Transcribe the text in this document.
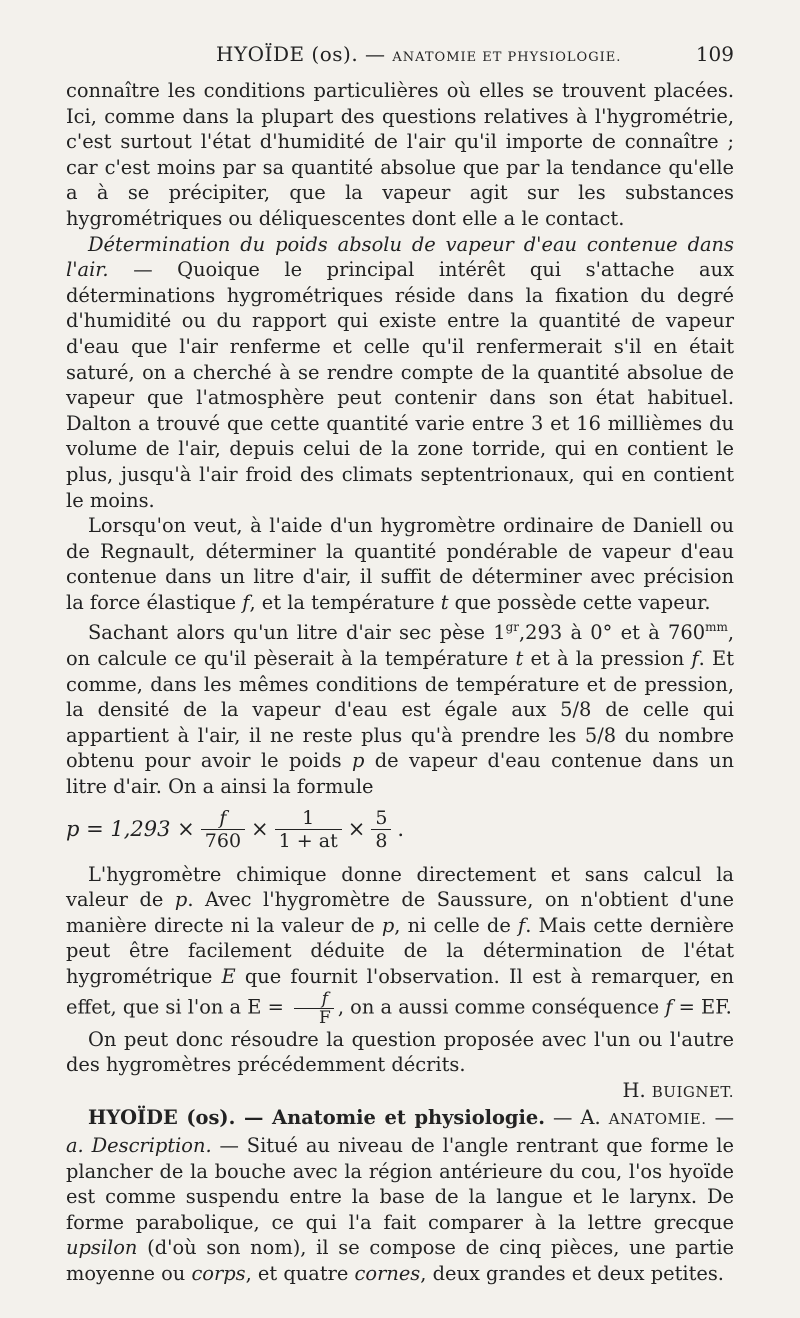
HYOÏDE (os). — ANATOMIE ET PHYSIOLOGIE.	109

connaître les conditions particulières où elles se trouvent placées. Ici, comme dans la plupart des questions relatives à l'hygrométrie, c'est surtout l'état d'humidité de l'air qu'il importe de connaître ; car c'est moins par sa quantité absolue que par la tendance qu'elle a à se précipiter, que la vapeur agit sur les substances hygrométriques ou déliquescentes dont elle a le contact.

Détermination du poids absolu de vapeur d'eau contenue dans l'air. — Quoique le principal intérêt qui s'attache aux déterminations hygrométriques réside dans la fixation du degré d'humidité ou du rapport qui existe entre la quantité de vapeur d'eau que l'air renferme et celle qu'il renfermerait s'il en était saturé, on a cherché à se rendre compte de la quantité absolue de vapeur que l'atmosphère peut contenir dans son état habituel. Dalton a trouvé que cette quantité varie entre 3 et 16 millièmes du volume de l'air, depuis celui de la zone torride, qui en contient le plus, jusqu'à l'air froid des climats septentrionaux, qui en contient le moins.

Lorsqu'on veut, à l'aide d'un hygromètre ordinaire de Daniell ou de Regnault, déterminer la quantité pondérable de vapeur d'eau contenue dans un litre d'air, il suffit de déterminer avec précision la force élastique f, et la température t que possède cette vapeur.

Sachant alors qu'un litre d'air sec pèse $1^{gr},293$ à 0° et à $760^{mm}$, on calcule ce qu'il pèserait à la température t et à la pression f. Et comme, dans les mêmes conditions de température et de pression, la densité de la vapeur d'eau est égale aux 5/8 de celle qui appartient à l'air, il ne reste plus qu'à prendre les 5/8 du nombre obtenu pour avoir le poids p de vapeur d'eau contenue dans un litre d'air. On a ainsi la formule

$p = 1,293 \times \frac{f}{760} \times \frac{1}{1 + at} \times \frac{5}{8}$ .

L'hygromètre chimique donne directement et sans calcul la valeur de p. Avec l'hygromètre de Saussure, on n'obtient d'une manière directe ni la valeur de p, ni celle de f. Mais cette dernière peut être facilement déduite de la détermination de l'état hygrométrique E que fournit l'observation. Il est à remarquer, en effet, que si l'on a $E = \frac{f}{F}$ , on a aussi comme conséquence f = EF.

On peut donc résoudre la question proposée avec l'un ou l'autre des hygromètres précédemment décrits.

H. BUIGNET.

HYOÏDE (os). — Anatomie et physiologie. — A. ANATOMIE. — a. Description. — Situé au niveau de l'angle rentrant que forme le plancher de la bouche avec la région antérieure du cou, l'os hyoïde est comme suspendu entre la base de la langue et le larynx. De forme parabolique, ce qui l'a fait comparer à la lettre grecque upsilon (d'où son nom), il se compose de cinq pièces, une partie moyenne ou corps, et quatre cornes, deux grandes et deux petites.
